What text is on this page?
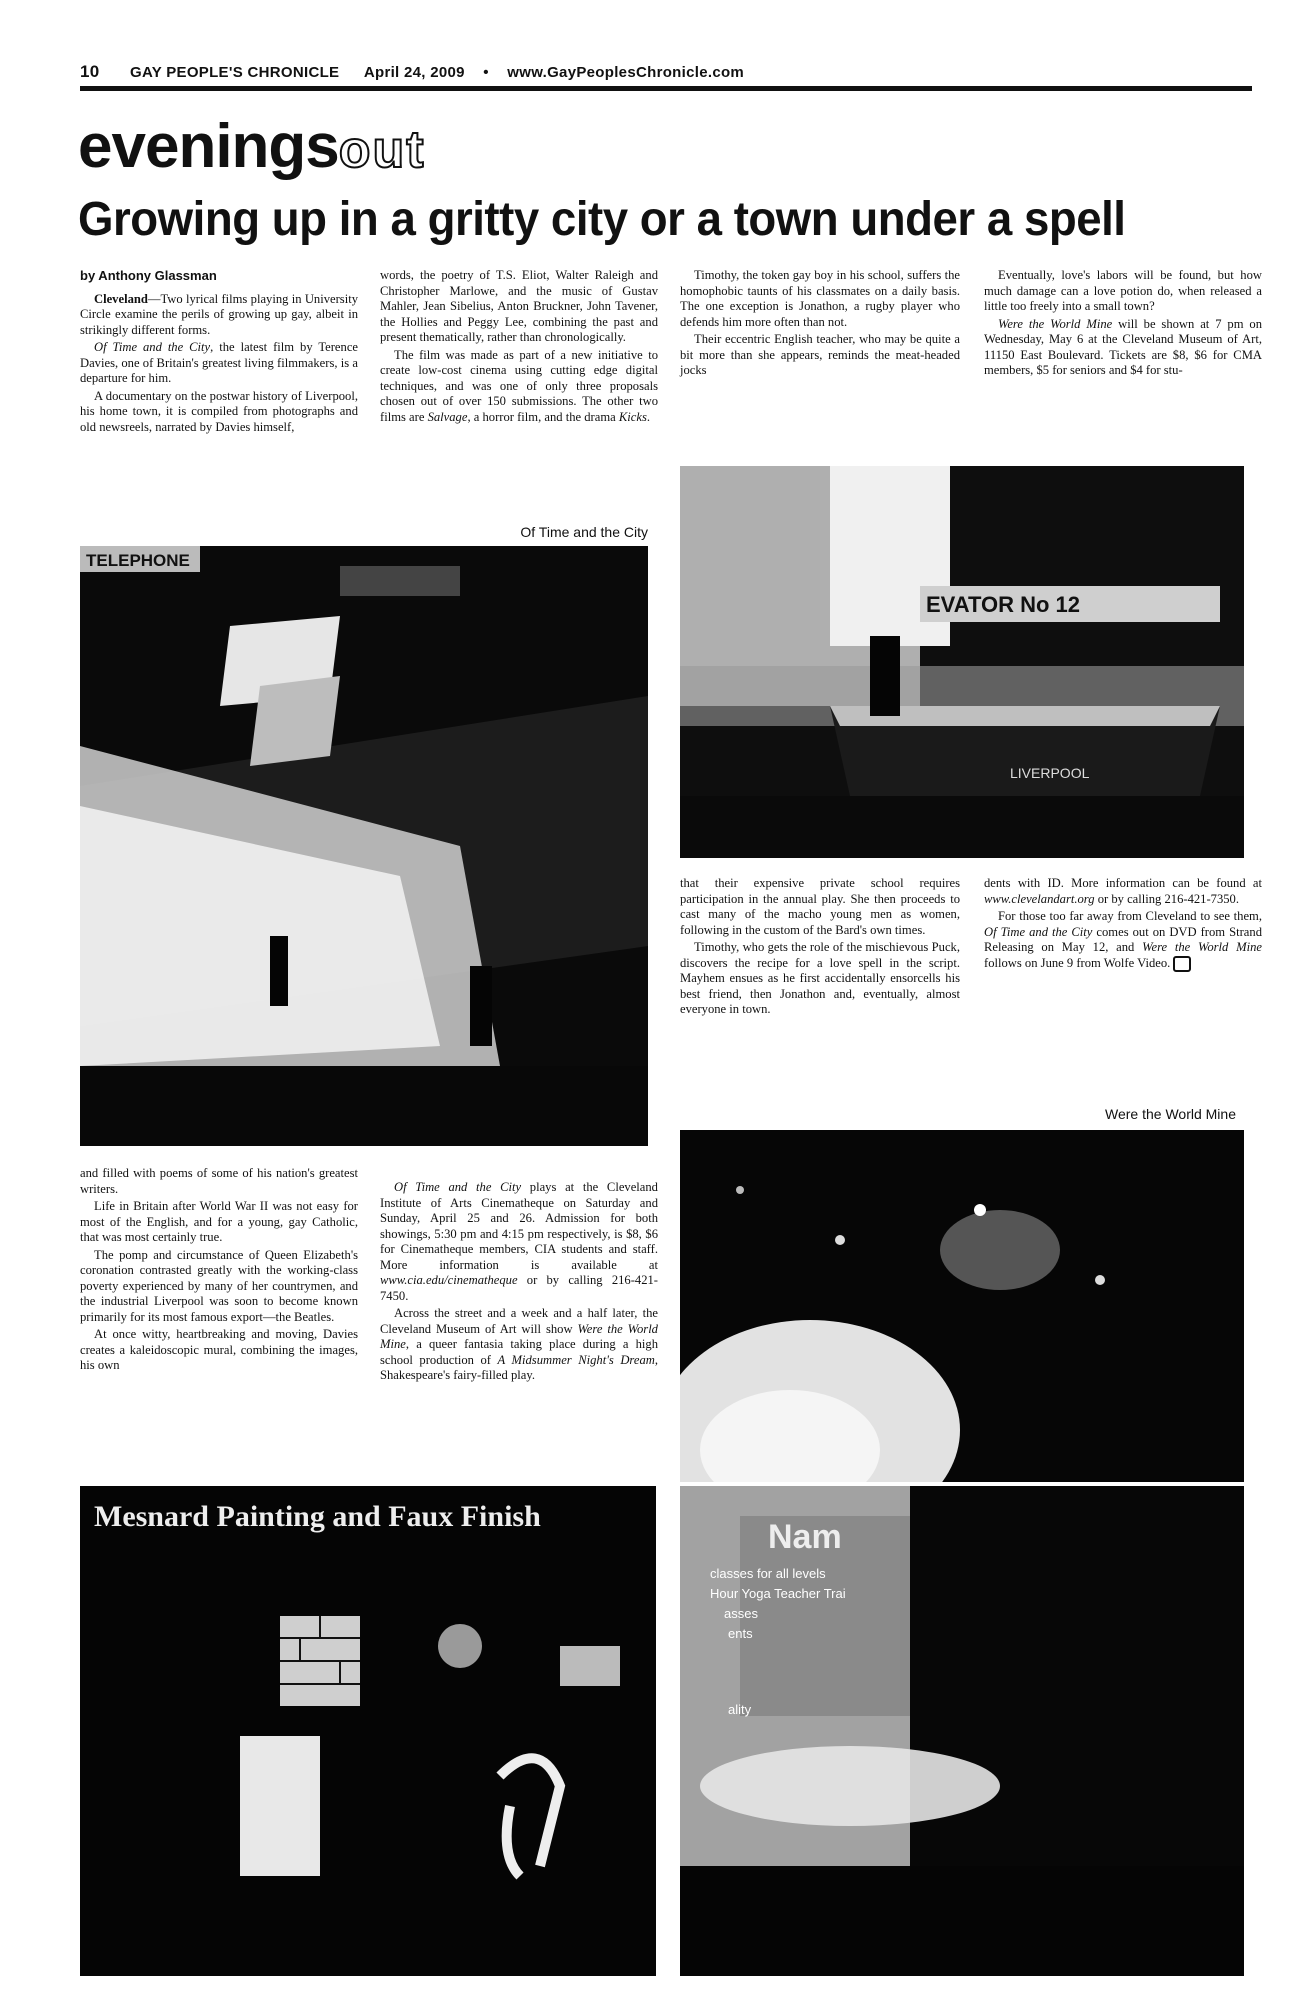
10 GAY PEOPLE'S CHRONICLE April 24, 2009 • www.GayPeoplesChronicle.com
eveningsout
Growing up in a gritty city or a town under a spell
by Anthony Glassman

Cleveland—Two lyrical films playing in University Circle examine the perils of growing up gay, albeit in strikingly different forms.

Of Time and the City, the latest film by Terence Davies, one of Britain's greatest living filmmakers, is a departure for him.

A documentary on the postwar history of Liverpool, his home town, it is compiled from photographs and old newsreels, narrated by Davies himself,

words, the poetry of T.S. Eliot, Walter Raleigh and Christopher Marlowe, and the music of Gustav Mahler, Jean Sibelius, Anton Bruckner, John Tavener, the Hollies and Peggy Lee, combining the past and present thematically, rather than chronologically.

The film was made as part of a new initiative to create low-cost cinema using cutting edge digital techniques, and was one of only three proposals chosen out of over 150 submissions. The other two films are Salvage, a horror film, and the drama Kicks.

Of Time and the City

Timothy, the token gay boy in his school, suffers the homophobic taunts of his classmates on a daily basis. The one exception is Jonathon, a rugby player who defends him more often than not.

Their eccentric English teacher, who may be quite a bit more than she appears, reminds the meat-headed jocks

Eventually, love's labors will be found, but how much damage can a love potion do, when released a little too freely into a small town?

Were the World Mine will be shown at 7 pm on Wednesday, May 6 at the Cleveland Museum of Art, 11150 East Boulevard. Tickets are $8, $6 for CMA members, $5 for seniors and $4 for stu-

TELEPHONE
EVATOR No 12
LIVERPOOL

that their expensive private school requires participation in the annual play. She then proceeds to cast many of the macho young men as women, following in the custom of the Bard's own times.

Timothy, who gets the role of the mischievous Puck, discovers the recipe for a love spell in the script. Mayhem ensues as he first accidentally ensorcells his best friend, then Jonathon and, eventually, almost everyone in town.

dents with ID. More information can be found at www.clevelandart.org or by calling 216-421-7350.

For those too far away from Cleveland to see them, Of Time and the City comes out on DVD from Strand Releasing on May 12, and Were the World Mine follows on June 9 from Wolfe Video.

Were the World Mine

and filled with poems of some of his nation's greatest writers.

Life in Britain after World War II was not easy for most of the English, and for a young, gay Catholic, that was most certainly true.

The pomp and circumstance of Queen Elizabeth's coronation contrasted greatly with the working-class poverty experienced by many of her countrymen, and the industrial Liverpool was soon to become known primarily for its most famous export—the Beatles.

At once witty, heartbreaking and moving, Davies creates a kaleidoscopic mural, combining the images, his own

Of Time and the City plays at the Cleveland Institute of Arts Cinematheque on Saturday and Sunday, April 25 and 26. Admission for both showings, 5:30 pm and 4:15 pm respectively, is $8, $6 for Cinematheque members, CIA students and staff. More information is available at www.cia.edu/cinematheque or by calling 216-421-7450.

Across the street and a week and a half later, the Cleveland Museum of Art will show Were the World Mine, a queer fantasia taking place during a high school production of A Midsummer Night's Dream, Shakespeare's fairy-filled play.

Mesnard Painting and Faux Finish
Nam
classes for all levels
Hour Yoga Teacher Trai
asses
ents
ality
